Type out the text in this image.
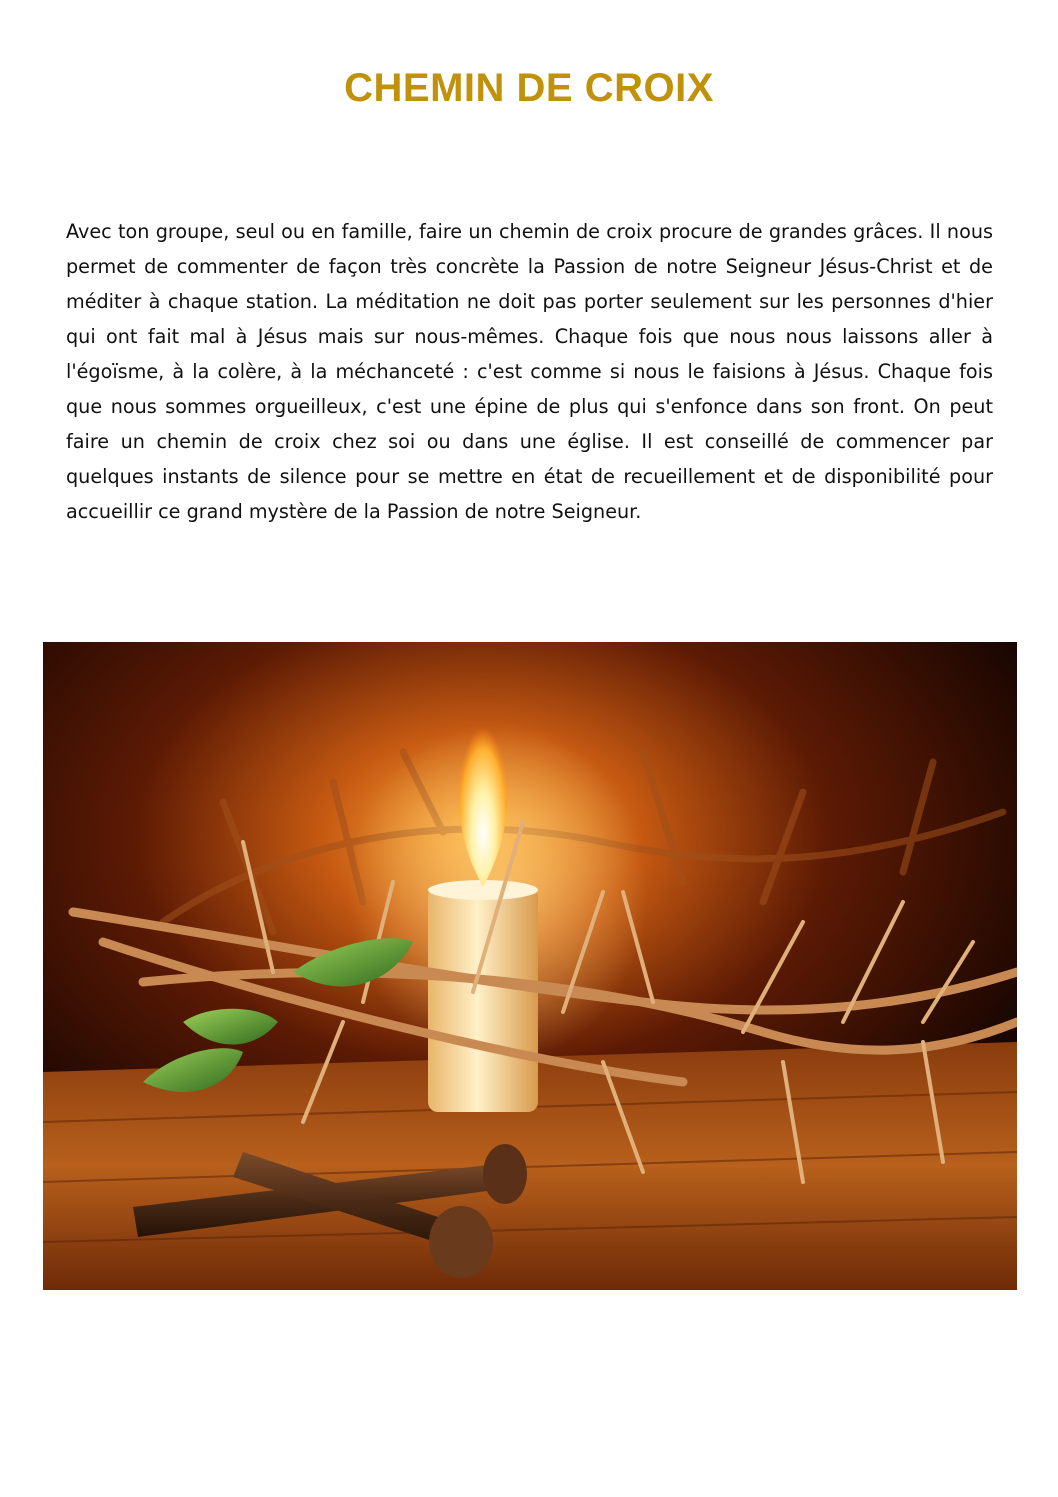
CHEMIN DE CROIX

Avec ton groupe, seul ou en famille, faire un chemin de croix procure de grandes grâces. Il nous permet de commenter de façon très concrète la Passion de notre Seigneur Jésus-Christ et de méditer à chaque station. La méditation ne doit pas porter seulement sur les personnes d'hier qui ont fait mal à Jésus mais sur nous-mêmes. Chaque fois que nous nous laissons aller à l'égoïsme, à la colère, à la méchanceté : c'est comme si nous le faisions à Jésus. Chaque fois que nous sommes orgueilleux, c'est une épine de plus qui s'enfonce dans son front. On peut faire un chemin de croix chez soi ou dans une église. Il est conseillé de commencer par quelques instants de silence pour se mettre en état de recueillement et de disponibilité pour accueillir ce grand mystère de la Passion de notre Seigneur.
